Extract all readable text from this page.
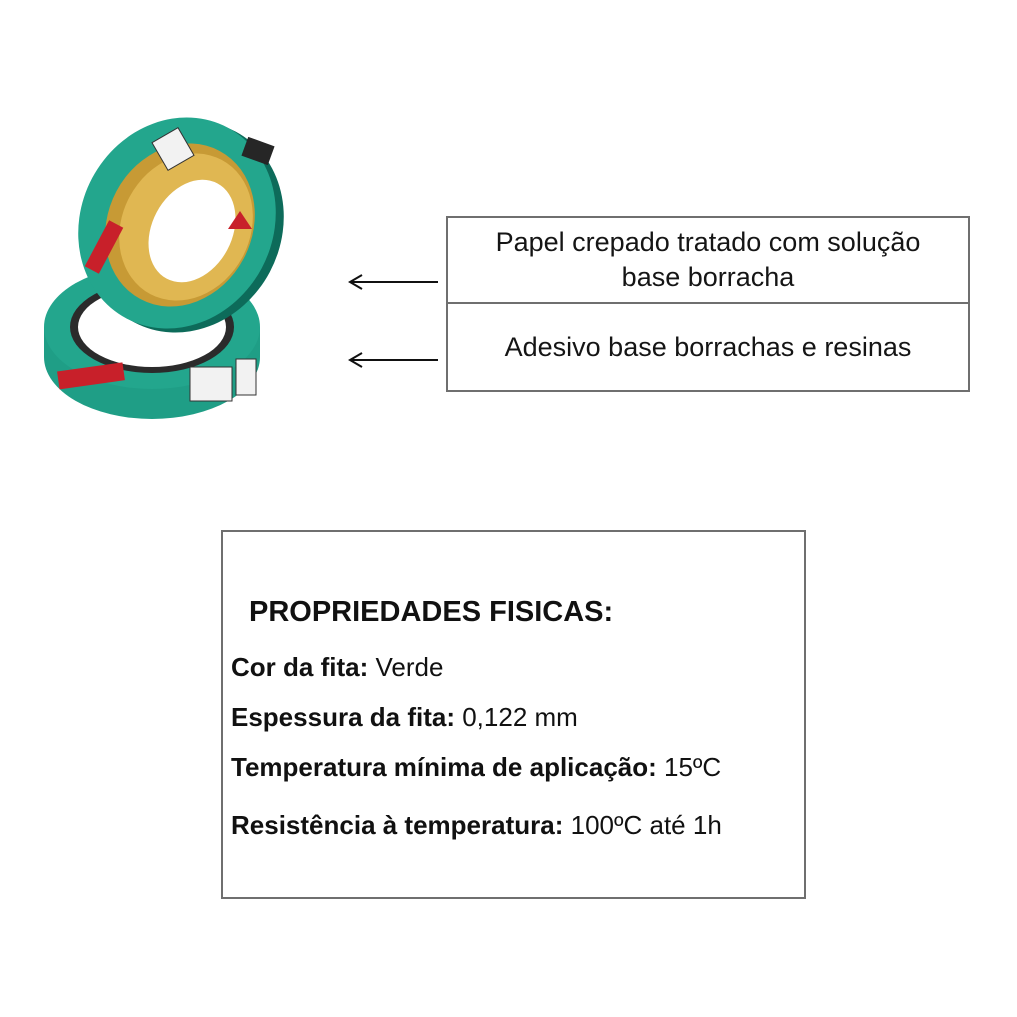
Papel crepado tratado com solução
base borracha
Adesivo base borrachas e resinas
PROPRIEDADES FISICAS:
Cor da fita: Verde
Espessura da fita: 0,122 mm
Temperatura mínima de aplicação: 15ºC
Resistência à temperatura: 100ºC até 1h
